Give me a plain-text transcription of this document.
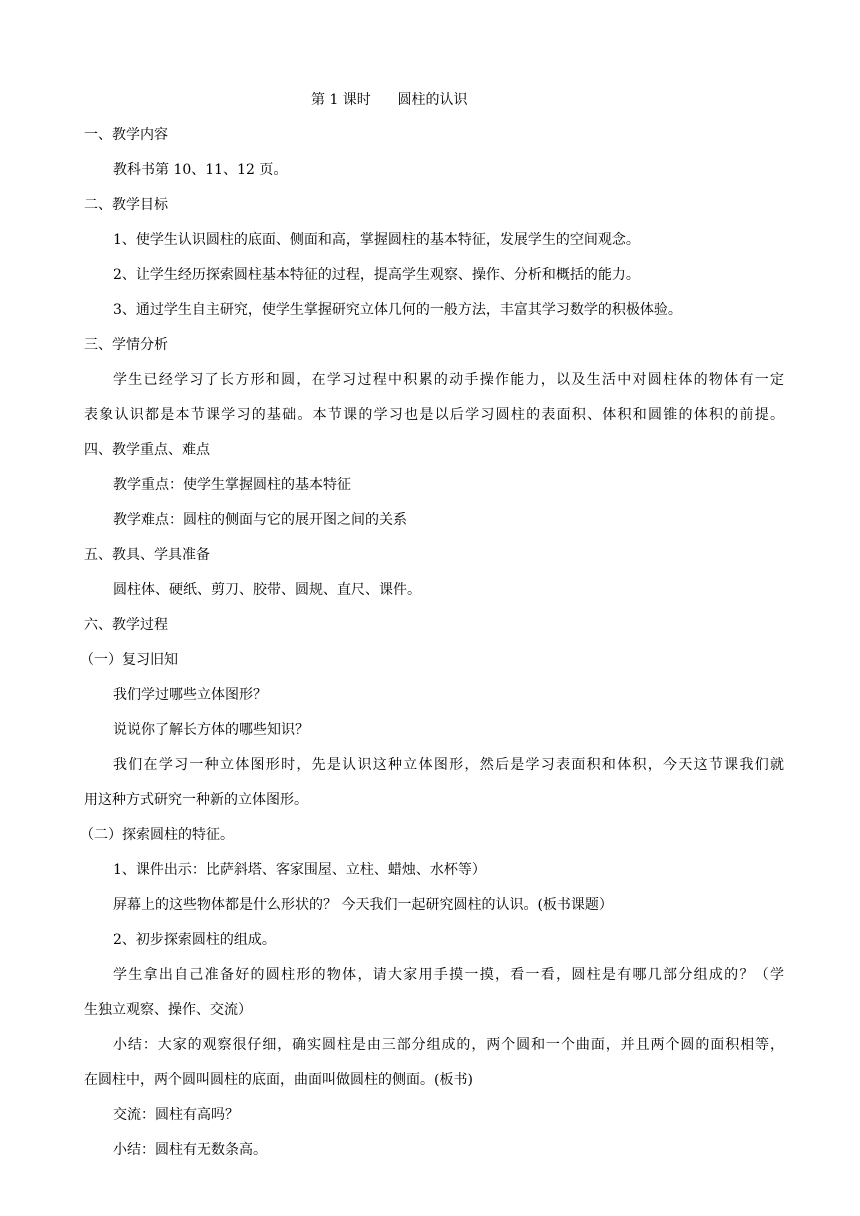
第 1 课时      圆柱的认识
一、教学内容
教科书第 10、11、12 页。
二、教学目标
1、使学生认识圆柱的底面、侧面和高，掌握圆柱的基本特征，发展学生的空间观念。
2、让学生经历探索圆柱基本特征的过程，提高学生观察、操作、分析和概括的能力。
3、通过学生自主研究，使学生掌握研究立体几何的一般方法，丰富其学习数学的积极体验。
三、学情分析
学生已经学习了长方形和圆，在学习过程中积累的动手操作能力，以及生活中对圆柱体的物体有一定
表象认识都是本节课学习的基础。本节课的学习也是以后学习圆柱的表面积、体积和圆锥的体积的前提。
四、教学重点、难点
教学重点：使学生掌握圆柱的基本特征
教学难点：圆柱的侧面与它的展开图之间的关系
五、教具、学具准备
圆柱体、硬纸、剪刀、胶带、圆规、直尺、课件。
六、教学过程
（一）复习旧知
我们学过哪些立体图形？
说说你了解长方体的哪些知识？
我们在学习一种立体图形时，先是认识这种立体图形，然后是学习表面积和体积，今天这节课我们就
用这种方式研究一种新的立体图形。
（二）探索圆柱的特征。
1、课件出示：比萨斜塔、客家围屋、立柱、蜡烛、水杯等）
屏幕上的这些物体都是什么形状的？ 今天我们一起研究圆柱的认识。(板书课题）
2、初步探索圆柱的组成。
学生拿出自己准备好的圆柱形的物体，请大家用手摸一摸，看一看，圆柱是有哪几部分组成的？（学
生独立观察、操作、交流）
小结：大家的观察很仔细，确实圆柱是由三部分组成的，两个圆和一个曲面，并且两个圆的面积相等，
在圆柱中，两个圆叫圆柱的底面，曲面叫做圆柱的侧面。(板书)
交流：圆柱有高吗？
小结：圆柱有无数条高。
